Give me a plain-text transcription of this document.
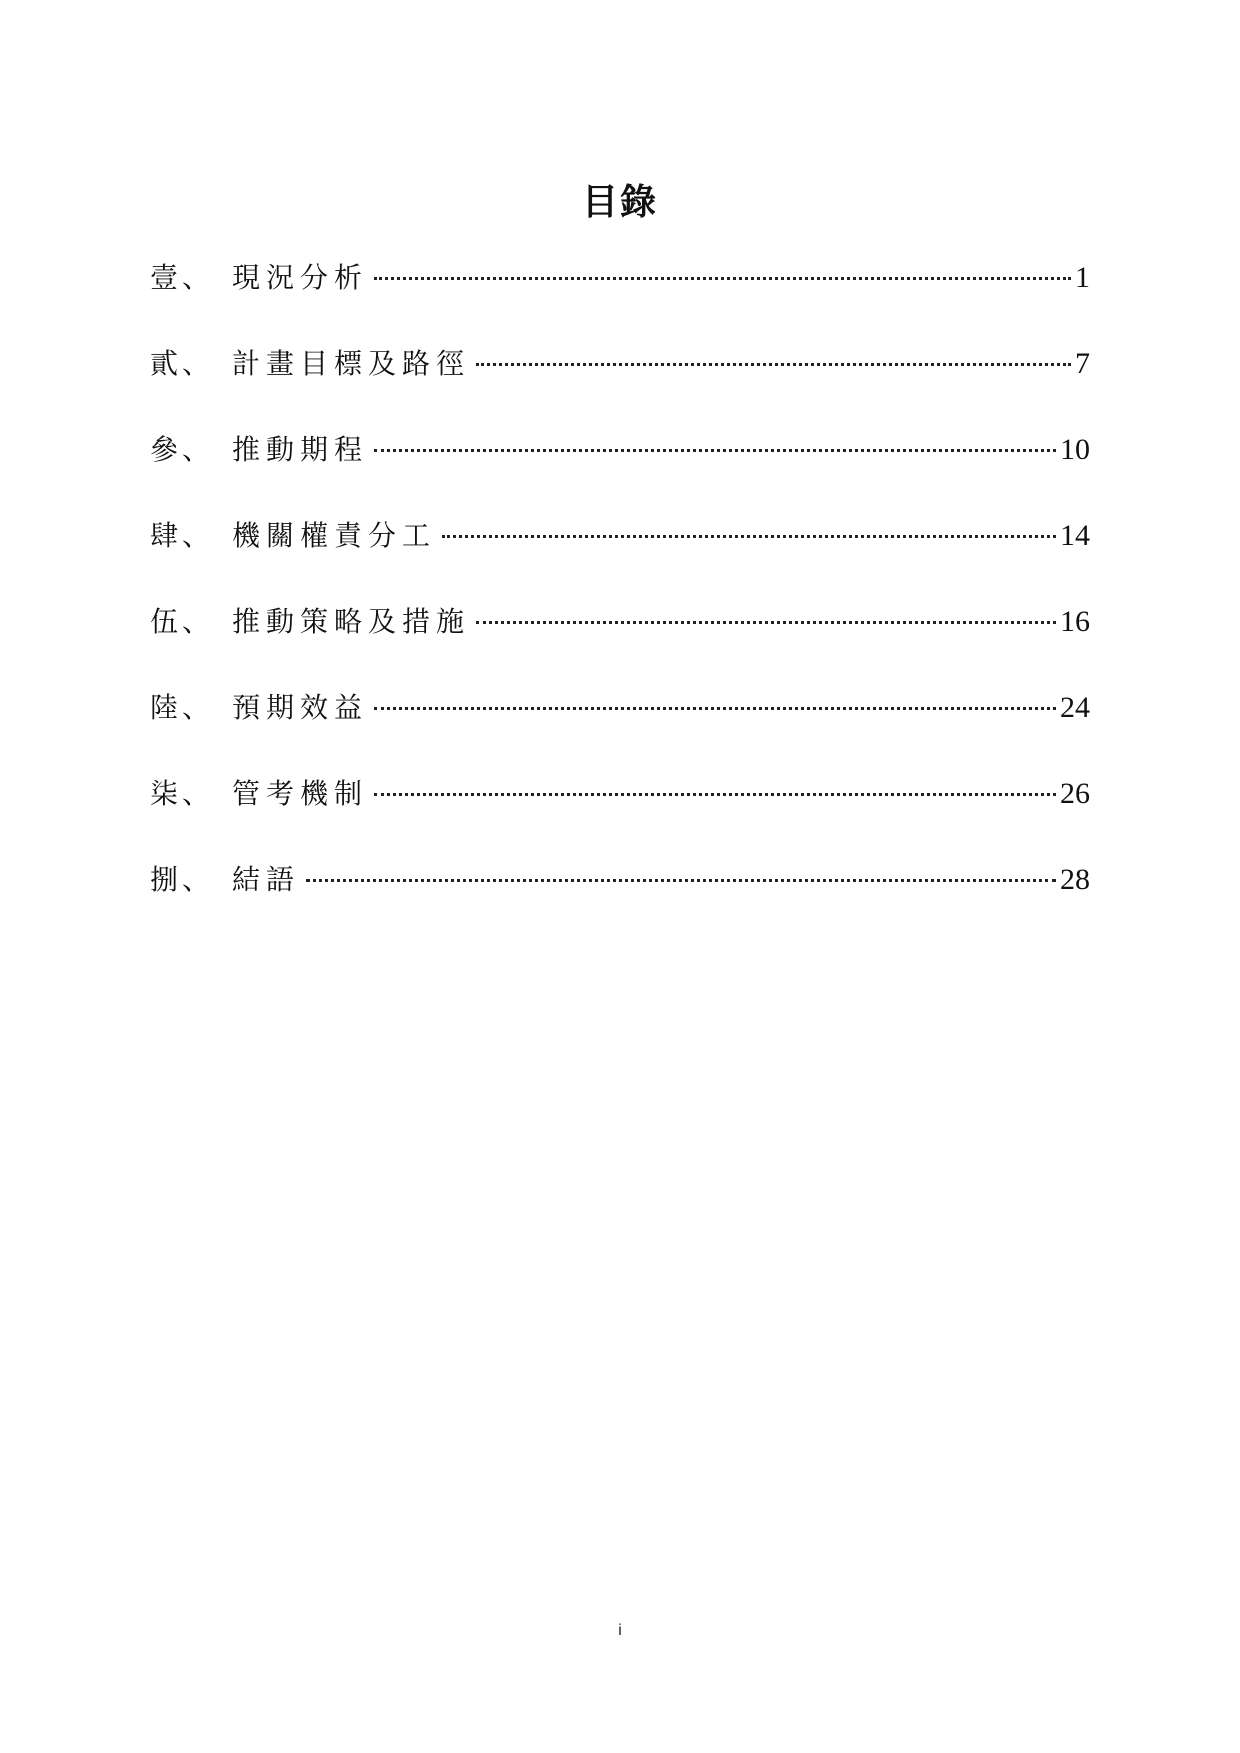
目錄
壹、 現況分析	1
貳、 計畫目標及路徑	7
參、 推動期程	10
肆、 機關權責分工	14
伍、 推動策略及措施	16
陸、 預期效益	24
柒、 管考機制	26
捌、 結語	28
i
